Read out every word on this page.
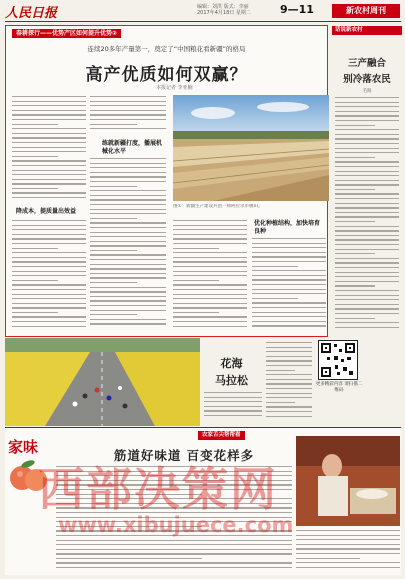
人民日报	编辑：刘洪 版式：李丽
2017年4月18日 星期二	9—11	新农村周刊
春耕探行——优势产区如何提升优势②
连续20多年产量第一，奠定了“中国粮花看新疆”的格局
高产优质如何双赢？
本报记者 李亚楠
降成本，提质量出效益
练就新疆打度，播展机械化水平
图①：新疆生产建设兵团一师阿拉尔市棉田。
优化种植结构，加快培育良种
话说新农村
三产融合
别冷落农民
毛路
花海
马拉松	更多精彩内容 请扫描二维码
家味
农家舌尖帮帮看
筋道好味道 百变花样多
西部决策网
www.xibujuece.com
